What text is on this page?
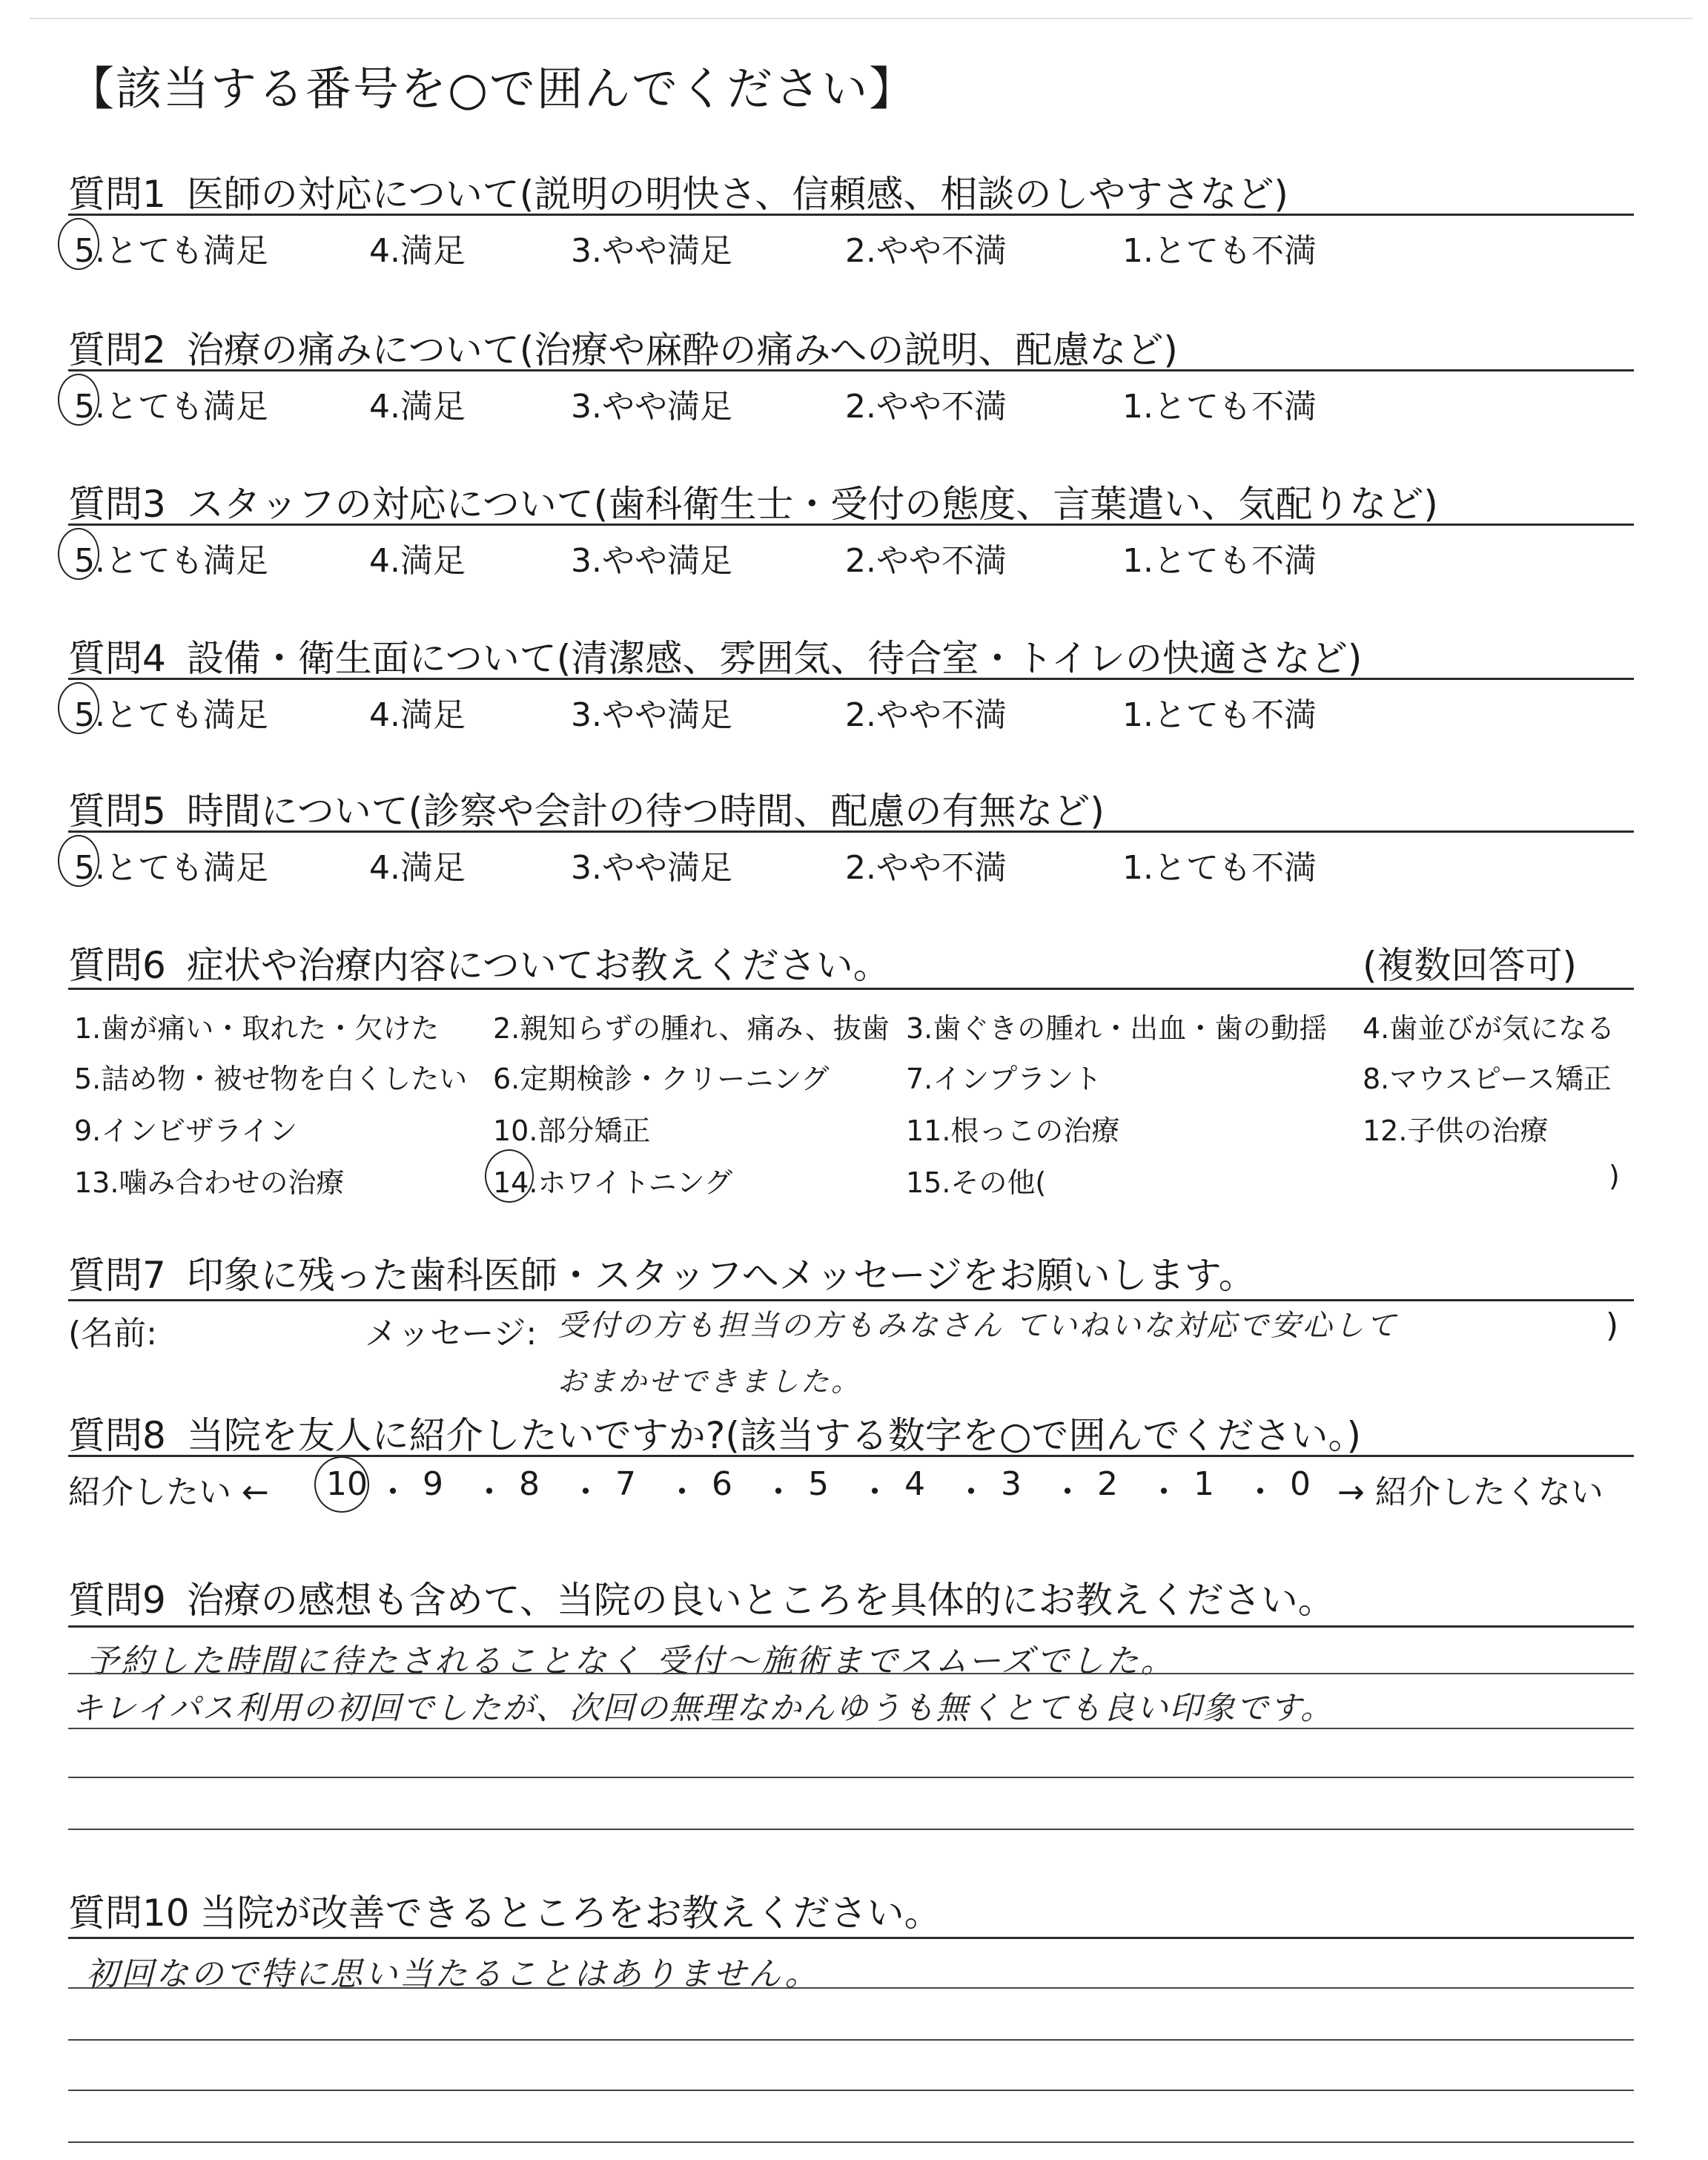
【該当する番号を○で囲んでください】
質問1 医師の対応について(説明の明快さ、信頼感、相談のしやすさなど)
5.とても満足	4.満足	3.やや満足	2.やや不満	1.とても不満
質問2 治療の痛みについて(治療や麻酔の痛みへの説明、配慮など)
5.とても満足	4.満足	3.やや満足	2.やや不満	1.とても不満
質問3 スタッフの対応について(歯科衛生士・受付の態度、言葉遣い、気配りなど)
5.とても満足	4.満足	3.やや満足	2.やや不満	1.とても不満
質問4 設備・衛生面について(清潔感、雰囲気、待合室・トイレの快適さなど)
5.とても満足	4.満足	3.やや満足	2.やや不満	1.とても不満
質問5 時間について(診察や会計の待つ時間、配慮の有無など)
5.とても満足	4.満足	3.やや満足	2.やや不満	1.とても不満
質問6 症状や治療内容についてお教えください。	(複数回答可)
1.歯が痛い・取れた・欠けた 2.親知らずの腫れ、痛み、抜歯 3.歯ぐきの腫れ・出血・歯の動揺 4.歯並びが気になる
5.詰め物・被せ物を白くしたい 6.定期検診・クリーニング	7.インプラント	8.マウスピース矯正
9.インビザライン	10.部分矯正	11.根っこの治療	12.子供の治療
13.噛み合わせの治療	14.ホワイトニング	15.その他(	)
質問7 印象に残った歯科医師・スタッフへメッセージをお願いします。
(名前:	メッセージ: 受付の方も担当の方もみなさん ていねいな対応で安心して	)
おまかせできました。
質問8 当院を友人に紹介したいですか?(該当する数字を○で囲んでください。)
紹介したい ← 10 ・ 9 ・ 8 ・ 7 ・ 6 ・ 5 ・ 4 ・ 3 ・ 2 ・ 1 ・ 0 → 紹介したくない
質問9 治療の感想も含めて、当院の良いところを具体的にお教えください。
予約した時間に待たされることなく 受付〜施術までスムーズでした。
キレイパス利用の初回でしたが、次回の無理なかんゆうも無くとても良い印象です。
質問10 当院が改善できるところをお教えください。
初回なので特に思い当たることはありません。
